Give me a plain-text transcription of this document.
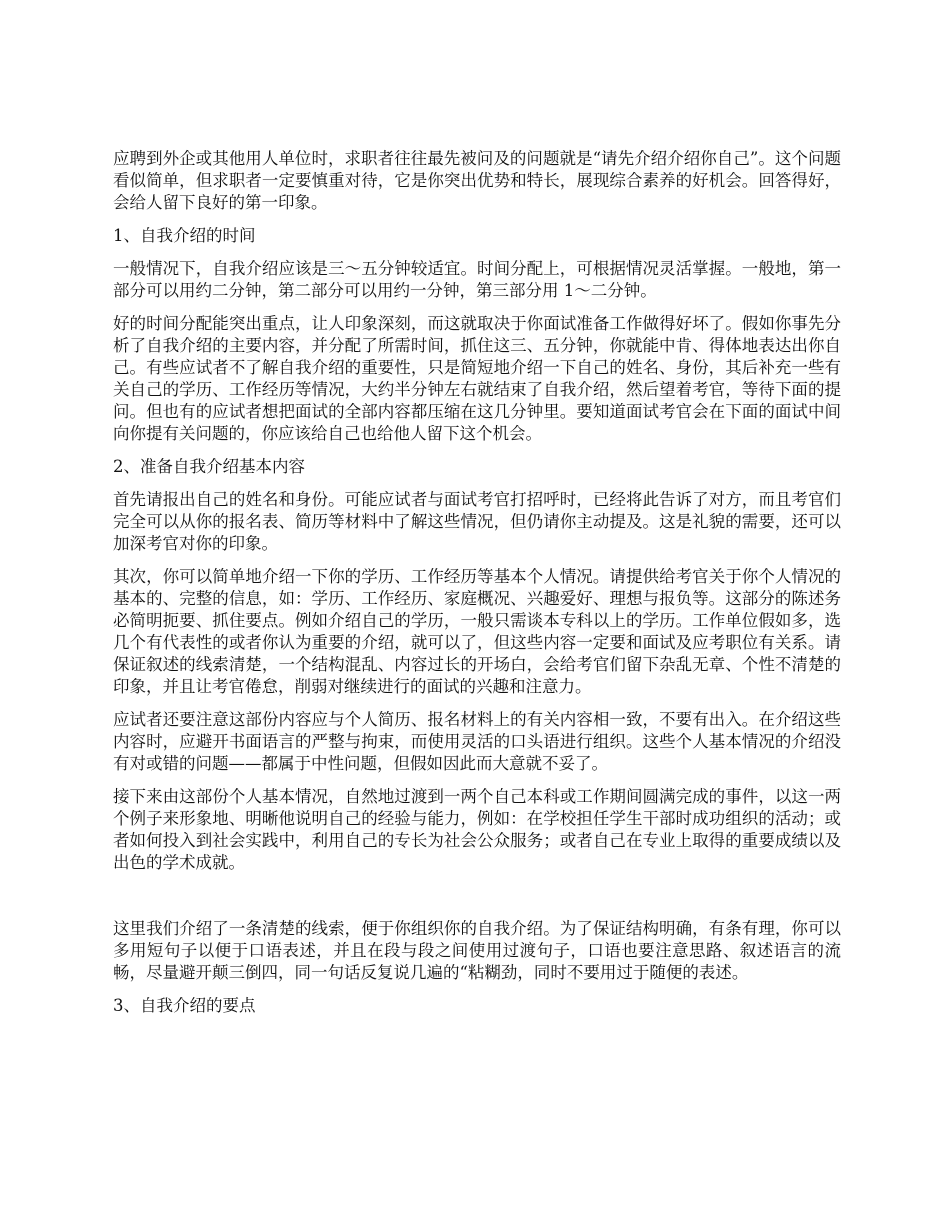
应聘到外企或其他用人单位时，求职者往往最先被问及的问题就是“请先介绍介绍你自己”。这个问题看似简单，但求职者一定要慎重对待，它是你突出优势和特长，展现综合素养的好机会。回答得好，会给人留下良好的第一印象。

1、自我介绍的时间

一般情况下，自我介绍应该是三～五分钟较适宜。时间分配上，可根据情况灵活掌握。一般地，第一部分可以用约二分钟，第二部分可以用约一分钟，第三部分用 1～二分钟。

好的时间分配能突出重点，让人印象深刻，而这就取决于你面试准备工作做得好坏了。假如你事先分析了自我介绍的主要内容，并分配了所需时间，抓住这三、五分钟，你就能中肯、得体地表达出你自己。有些应试者不了解自我介绍的重要性，只是简短地介绍一下自己的姓名、身份，其后补充一些有关自己的学历、工作经历等情况，大约半分钟左右就结束了自我介绍，然后望着考官，等待下面的提问。但也有的应试者想把面试的全部内容都压缩在这几分钟里。要知道面试考官会在下面的面试中间向你提有关问题的，你应该给自己也给他人留下这个机会。

2、准备自我介绍基本内容

首先请报出自己的姓名和身份。可能应试者与面试考官打招呼时，已经将此告诉了对方，而且考官们完全可以从你的报名表、简历等材料中了解这些情况，但仍请你主动提及。这是礼貌的需要，还可以加深考官对你的印象。

其次，你可以简单地介绍一下你的学历、工作经历等基本个人情况。请提供给考官关于你个人情况的基本的、完整的信息，如：学历、工作经历、家庭概况、兴趣爱好、理想与报负等。这部分的陈述务必简明扼要、抓住要点。例如介绍自己的学历，一般只需谈本专科以上的学历。工作单位假如多，选几个有代表性的或者你认为重要的介绍，就可以了，但这些内容一定要和面试及应考职位有关系。请保证叙述的线索清楚，一个结构混乱、内容过长的开场白，会给考官们留下杂乱无章、个性不清楚的印象，并且让考官倦怠，削弱对继续进行的面试的兴趣和注意力。

应试者还要注意这部份内容应与个人简历、报名材料上的有关内容相一致，不要有出入。在介绍这些内容时，应避开书面语言的严整与拘束，而使用灵活的口头语进行组织。这些个人基本情况的介绍没有对或错的问题——都属于中性问题，但假如因此而大意就不妥了。

接下来由这部份个人基本情况，自然地过渡到一两个自己本科或工作期间圆满完成的事件，以这一两个例子来形象地、明晰他说明自己的经验与能力，例如：在学校担任学生干部时成功组织的活动；或者如何投入到社会实践中，利用自己的专长为社会公众服务；或者自己在专业上取得的重要成绩以及出色的学术成就。

这里我们介绍了一条清楚的线索，便于你组织你的自我介绍。为了保证结构明确，有条有理，你可以多用短句子以便于口语表述，并且在段与段之间使用过渡句子，口语也要注意思路、叙述语言的流畅，尽量避开颠三倒四，同一句话反复说几遍的“粘糊劲，同时不要用过于随便的表述。

3、自我介绍的要点
